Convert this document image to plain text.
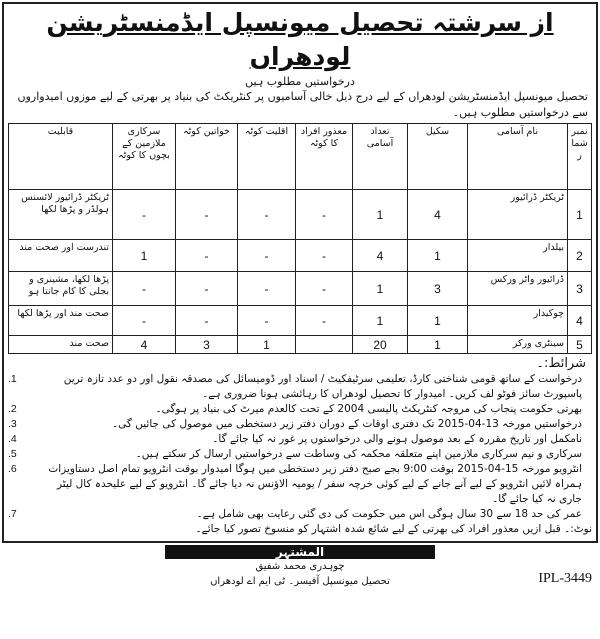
از سرشتہ تحصیل میونسپل ایڈمنسٹریشن لودھراں
درخواستیں مطلوب ہیں
تحصیل میونسپل ایڈمنسٹریشن لودھراں کے لیے درج ذیل خالی آسامیوں پر کنٹریکٹ کی بنیاد پر بھرتی کے لیے موزوں امیدواروں سے درخواستیں مطلوب ہیں۔
نمبر شمار	نام آسامی	سکیل	تعداد آسامی	معذور افراد کا کوٹہ	اقلیت کوٹہ	خواتین کوٹہ	سرکاری ملازمین کے بچوں کا کوٹہ	قابلیت
1	ٹریکٹر ڈرائیور	4	1	-	-	-	-	ٹریکٹر ڈرائیور لائسنس ہولڈر و پڑھا لکھا
2	بیلدار	1	4	-	-	-	1	تندرست اور صحت مند
3	ڈرائیور واٹر ورکس	3	1	-	-	-	-	پڑھا لکھا، مشینری و بجلی کا کام جانتا ہو
4	چوکیدار	1	1	-	-	-	-	صحت مند اور پڑھا لکھا
5	سینٹری ورکر	1	20		1	3	4	صحت مند
شرائط:۔
درخواست کے ساتھ قومی شناختی کارڈ، تعلیمی سرٹیفکیٹ / اسناد اور ڈومیسائل کی مصدقہ نقول اور دو عدد تازہ ترین پاسپورٹ سائز فوٹو لف کریں۔ امیدوار کا تحصیل لودھراں کا رہائشی ہونا ضروری ہے۔
1.
بھرتی حکومت پنجاب کی مروجہ کنٹریکٹ پالیسی 2004 کے تحت کالعدم میرٹ کی بنیاد پر ہوگی۔
2.
درخواستیں مورخہ 13-04-2015 تک دفتری اوقات کے دوران دفتر زیر دستخطی میں موصول کی جائیں گی۔
3.
نامکمل اور تاریخ مقررہ کے بعد موصول ہونے والی درخواستوں پر غور نہ کیا جائے گا۔
4.
سرکاری و نیم سرکاری ملازمین اپنے متعلقہ محکمہ کی وساطت سے درخواستیں ارسال کر سکتے ہیں۔
5.
انٹرویو مورخہ 15-04-2015 بوقت 9:00 بجے صبح دفتر زیر دستخطی میں ہوگا امیدوار بوقت انٹرویو تمام اصل دستاویزات ہمراہ لائیں انٹرویو کے لیے آنے جانے کے لیے کوئی خرچہ سفر / یومیہ الاؤنس نہ دیا جائے گا۔ انٹرویو کے لیے علیحدہ کال لیٹر جاری نہ کیا جائے گا۔
6.
عمر کی حد 18 سے 30 سال ہوگی اس میں حکومت کی دی گئی رعایت بھی شامل ہے۔
7.
نوٹ:۔ قبل ازیں معذور افراد کی بھرتی کے لیے شائع شدہ اشتہار کو منسوخ تصور کیا جائے۔
المشتہر
چوہدری محمد شفیق
تحصیل میونسپل آفیسر۔ ٹی ایم اے لودھراں	IPL-3449
